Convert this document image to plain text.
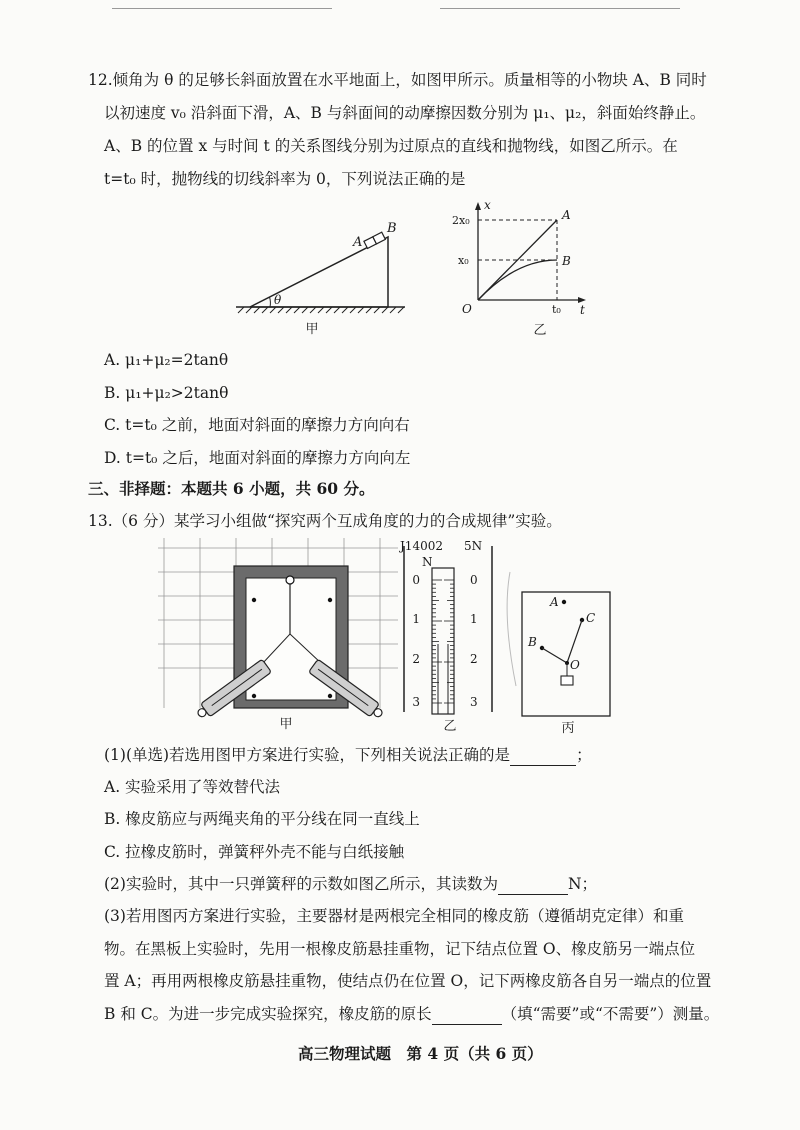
12.倾角为 θ 的足够长斜面放置在水平地面上，如图甲所示。质量相等的小物块 A、B 同时
以初速度 v₀ 沿斜面下滑，A、B 与斜面间的动摩擦因数分别为 μ₁、μ₂，斜面始终静止。
A、B 的位置 x 与时间 t 的关系图线分别为过原点的直线和抛物线，如图乙所示。在
t=t₀ 时，抛物线的切线斜率为 0，下列说法正确的是
θ
A
B
甲
x
t
2x₀
x₀
O	t₀
A
B
乙
A. μ₁+μ₂=2tanθ
B. μ₁+μ₂>2tanθ
C. t=t₀ 之前，地面对斜面的摩擦力方向向右
D. t=t₀ 之后，地面对斜面的摩擦力方向向左
三、非择题：本题共 6 小题，共 60 分。
13.（6 分）某学习小组做“探究两个互成角度的力的合成规律”实验。
甲
J14002 5N
N
0
1
2
3
0
1
2
3
乙
A
C
B
O
丙
(1)(单选)若选用图甲方案进行实验，下列相关说法正确的是	；
A. 实验采用了等效替代法
B. 橡皮筋应与两绳夹角的平分线在同一直线上
C. 拉橡皮筋时，弹簧秤外壳不能与白纸接触
(2)实验时，其中一只弹簧秤的示数如图乙所示，其读数为	N；
(3)若用图丙方案进行实验，主要器材是两根完全相同的橡皮筋（遵循胡克定律）和重
物。在黑板上实验时，先用一根橡皮筋悬挂重物，记下结点位置 O、橡皮筋另一端点位
置 A；再用两根橡皮筋悬挂重物，使结点仍在位置 O，记下两橡皮筋各自另一端点的位置
B 和 C。为进一步完成实验探究，橡皮筋的原长	（填“需要”或“不需要”）测量。
高三物理试题　第 4 页（共 6 页）
